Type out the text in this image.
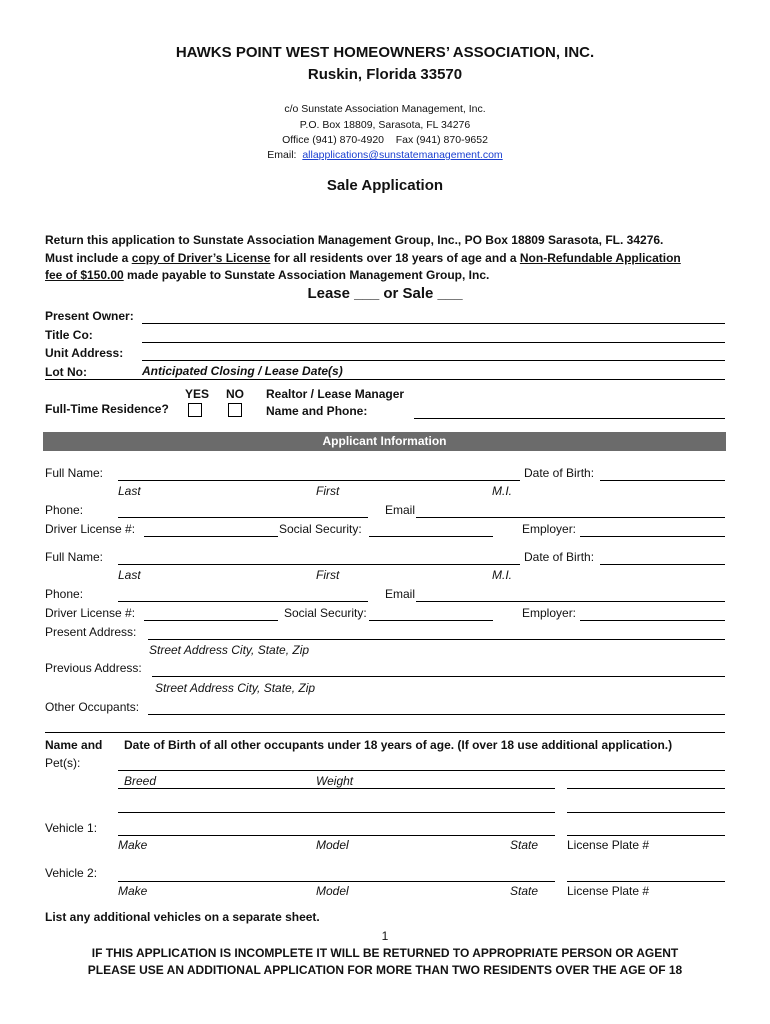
HAWKS POINT WEST HOMEOWNERS’ ASSOCIATION, INC.
Ruskin, Florida 33570
c/o Sunstate Association Management, Inc.
P.O. Box 18809, Sarasota, FL 34276
Office (941) 870-4920 Fax (941) 870-9652
Email: allapplications@sunstatemanagement.com
Sale Application
Return this application to Sunstate Association Management Group, Inc., PO Box 18809 Sarasota, FL. 34276.
Must include a copy of Driver’s License for all residents over 18 years of age and a Non-Refundable Application
fee of $150.00 made payable to Sunstate Association Management Group, Inc.
Lease ___ or Sale ___
Present Owner:
Title Co:
Unit Address:
Lot No:	Anticipated Closing / Lease Date(s)
YES NO
Full-Time Residence?
Realtor / Lease Manager
Name and Phone:
Applicant Information
Full Name:	Date of Birth:
Last	First	M.I.
Phone:	Email
Driver License #:	Social Security:	Employer:
Full Name:	Date of Birth:
Last	First	M.I.
Phone:	Email
Driver License #:	Social Security:	Employer:
Present Address:
Street Address City, State, Zip
Previous Address:
Street Address City, State, Zip
Other Occupants:
Name and Date of Birth of all other occupants under 18 years of age. (If over 18 use additional application.)
Pet(s):
Breed	Weight
Vehicle 1:
Make	Model	State License Plate #
Vehicle 2:
Make	Model	State License Plate #
List any additional vehicles on a separate sheet.
1
IF THIS APPLICATION IS INCOMPLETE IT WILL BE RETURNED TO APPROPRIATE PERSON OR AGENT
PLEASE USE AN ADDITIONAL APPLICATION FOR MORE THAN TWO RESIDENTS OVER THE AGE OF 18
